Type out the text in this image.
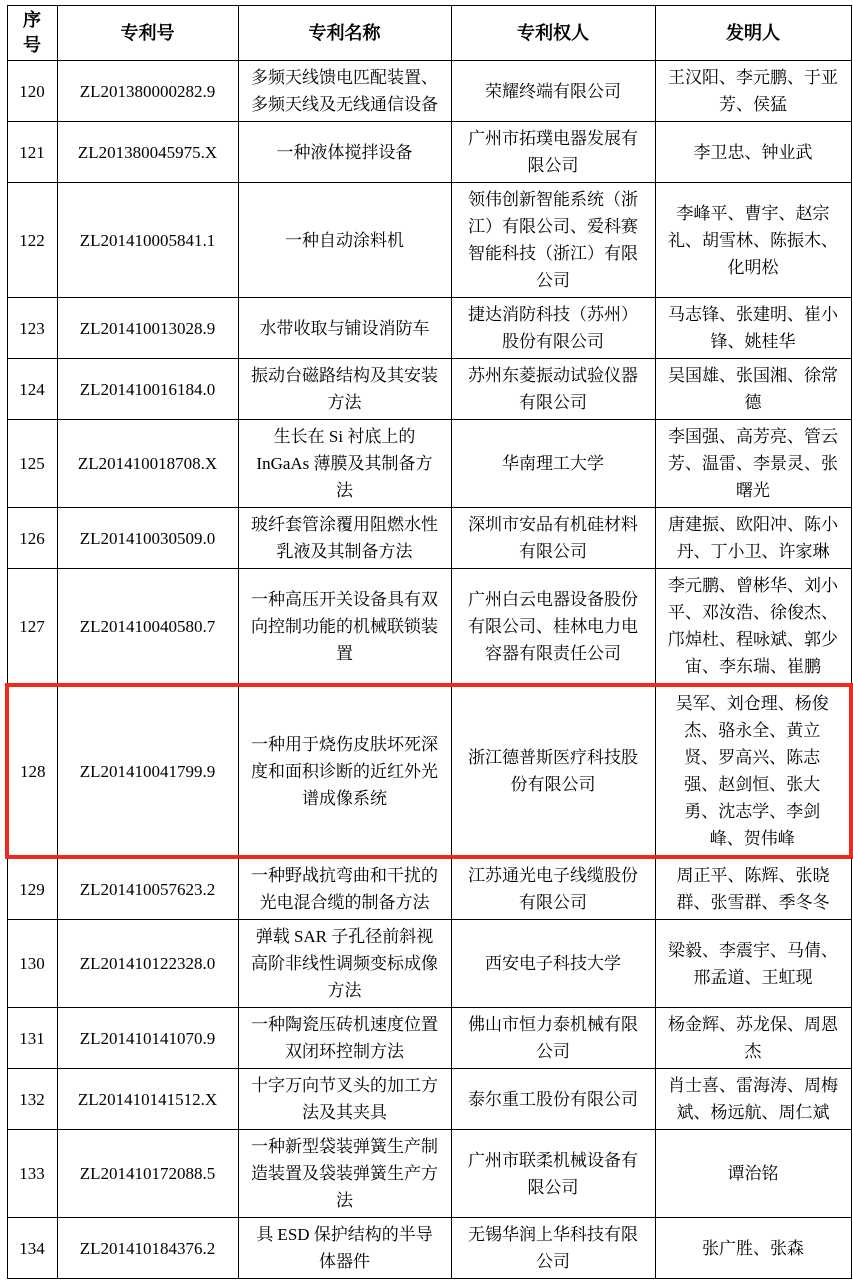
序号	专利号	专利名称	专利权人	发明人
120	ZL201380000282.9	多频天线馈电匹配装置、多频天线及无线通信设备	荣耀终端有限公司	王汉阳、李元鹏、于亚芳、侯猛
121	ZL201380045975.X	一种液体搅拌设备	广州市拓璞电器发展有限公司	李卫忠、钟业武
122	ZL201410005841.1	一种自动涂料机	领伟创新智能系统（浙江）有限公司、爱科赛智能科技（浙江）有限公司	李峰平、曹宇、赵宗礼、胡雪林、陈振木、化明松
123	ZL201410013028.9	水带收取与铺设消防车	捷达消防科技（苏州）股份有限公司	马志锋、张建明、崔小锋、姚桂华
124	ZL201410016184.0	振动台磁路结构及其安装方法	苏州东菱振动试验仪器有限公司	吴国雄、张国湘、徐常德
125	ZL201410018708.X	生长在 Si 衬底上的 InGaAs 薄膜及其制备方法	华南理工大学	李国强、高芳亮、管云芳、温雷、李景灵、张曙光
126	ZL201410030509.0	玻纤套管涂覆用阻燃水性乳液及其制备方法	深圳市安品有机硅材料有限公司	唐建振、欧阳冲、陈小丹、丁小卫、许家琳
127	ZL201410040580.7	一种高压开关设备具有双向控制功能的机械联锁装置	广州白云电器设备股份有限公司、桂林电力电容器有限责任公司	李元鹏、曾彬华、刘小平、邓汝浩、徐俊杰、邝焯杜、程咏斌、郭少宙、李东瑞、崔鹏
128	ZL201410041799.9	一种用于烧伤皮肤坏死深度和面积诊断的近红外光谱成像系统	浙江德普斯医疗科技股份有限公司	吴军、刘仓理、杨俊杰、骆永全、黄立贤、罗高兴、陈志强、赵剑恒、张大勇、沈志学、李剑峰、贺伟峰
129	ZL201410057623.2	一种野战抗弯曲和干扰的光电混合缆的制备方法	江苏通光电子线缆股份有限公司	周正平、陈辉、张晓群、张雪群、季冬冬
130	ZL201410122328.0	弹载 SAR 子孔径前斜视高阶非线性调频变标成像方法	西安电子科技大学	梁毅、李震宇、马倩、邢孟道、王虹现
131	ZL201410141070.9	一种陶瓷压砖机速度位置双闭环控制方法	佛山市恒力泰机械有限公司	杨金辉、苏龙保、周恩杰
132	ZL201410141512.X	十字万向节叉头的加工方法及其夹具	泰尔重工股份有限公司	肖士喜、雷海涛、周梅斌、杨远航、周仁斌
133	ZL201410172088.5	一种新型袋装弹簧生产制造装置及袋装弹簧生产方法	广州市联柔机械设备有限公司	谭治铭
134	ZL201410184376.2	具 ESD 保护结构的半导体器件	无锡华润上华科技有限公司	张广胜、张森
